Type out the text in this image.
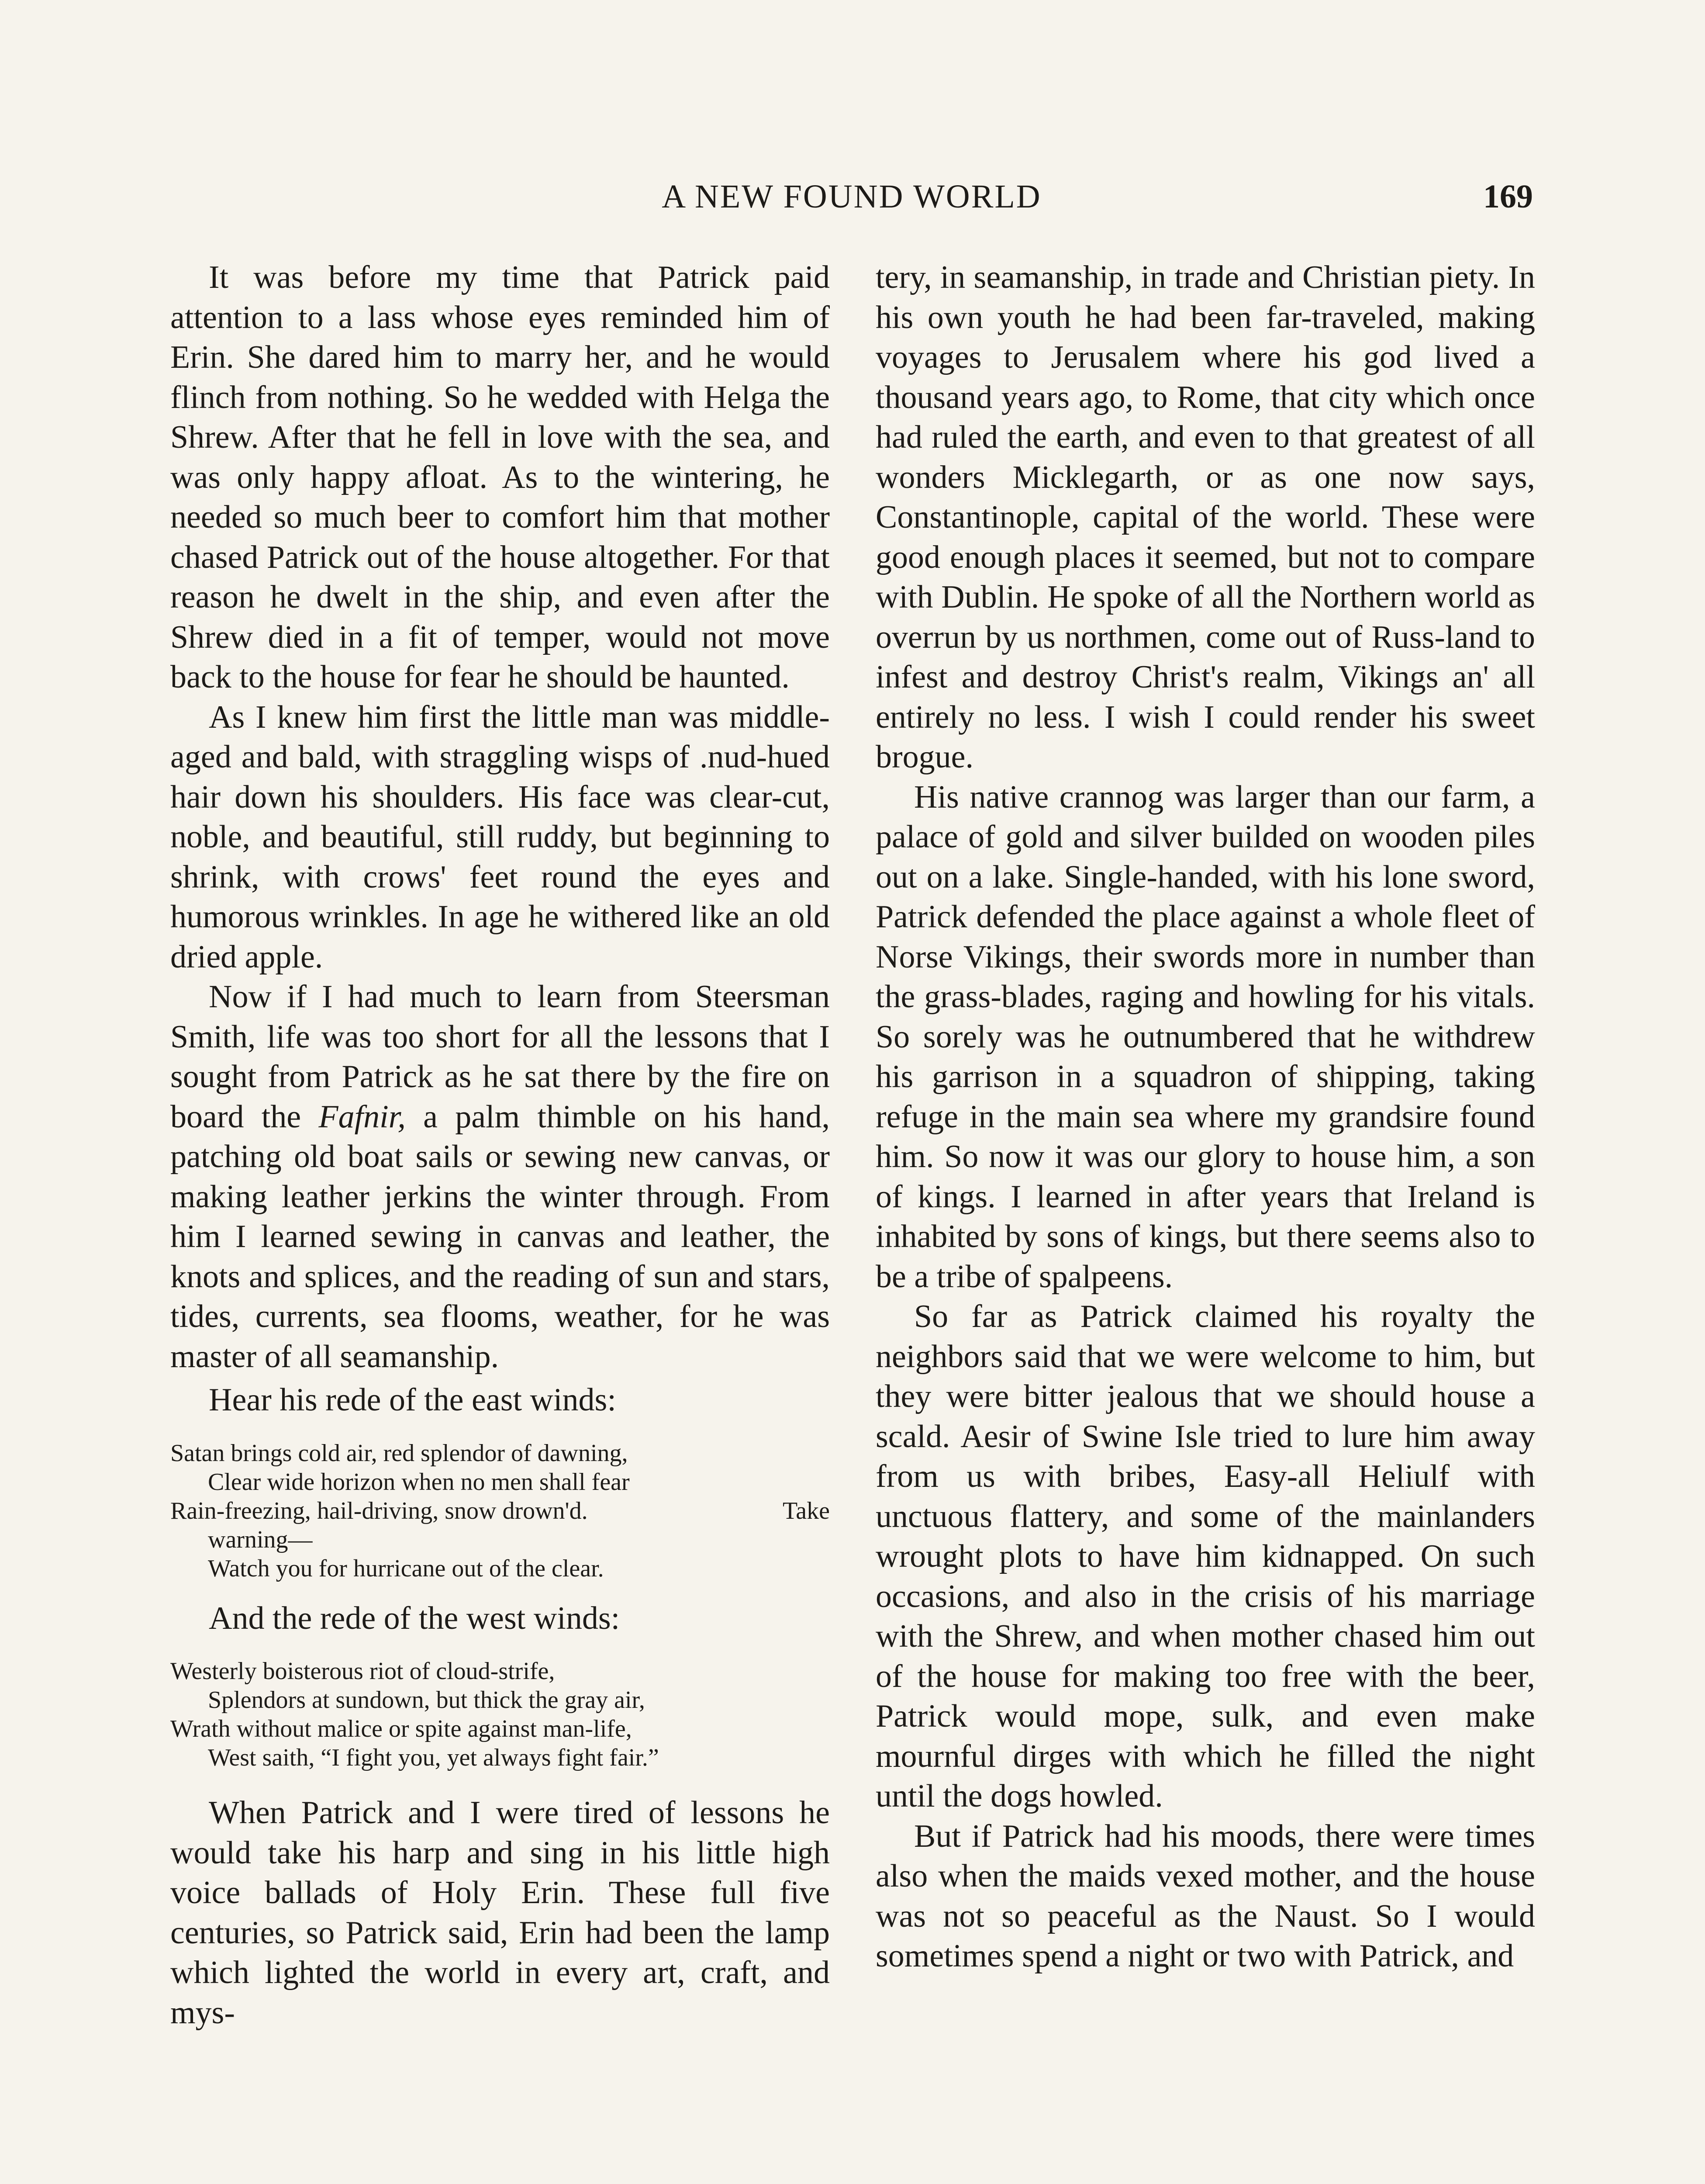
A NEW FOUND WORLD	169

It was before my time that Patrick paid attention to a lass whose eyes reminded him of Erin. She dared him to marry her, and he would flinch from nothing. So he wedded with Helga the Shrew. After that he fell in love with the sea, and was only happy afloat. As to the wintering, he needed so much beer to comfort him that mother chased Patrick out of the house altogether. For that reason he dwelt in the ship, and even after the Shrew died in a fit of temper, would not move back to the house for fear he should be haunted.

As I knew him first the little man was middle-aged and bald, with straggling wisps of .nud-hued hair down his shoulders. His face was clear-cut, noble, and beautiful, still ruddy, but beginning to shrink, with crows' feet round the eyes and humorous wrinkles. In age he withered like an old dried apple.

Now if I had much to learn from Steersman Smith, life was too short for all the lessons that I sought from Patrick as he sat there by the fire on board the Fafnir, a palm thimble on his hand, patching old boat sails or sewing new canvas, or making leather jerkins the winter through. From him I learned sewing in canvas and leather, the knots and splices, and the reading of sun and stars, tides, currents, sea flooms, weather, for he was master of all seamanship.

Hear his rede of the east winds:

Satan brings cold air, red splendor of dawning,
Clear wide horizon when no men shall fear
Rain-freezing, hail-driving, snow drown'd.	Take
warning—
Watch you for hurricane out of the clear.

And the rede of the west winds:

Westerly boisterous riot of cloud-strife,
Splendors at sundown, but thick the gray air,
Wrath without malice or spite against man-life,
West saith, “I fight you, yet always fight fair.”

When Patrick and I were tired of lessons he would take his harp and sing in his little high voice ballads of Holy Erin. These full five centuries, so Patrick said, Erin had been the lamp which lighted the world in every art, craft, and mys-

tery, in seamanship, in trade and Christian piety. In his own youth he had been far-traveled, making voyages to Jerusalem where his god lived a thousand years ago, to Rome, that city which once had ruled the earth, and even to that greatest of all wonders Micklegarth, or as one now says, Constantinople, capital of the world. These were good enough places it seemed, but not to compare with Dublin. He spoke of all the Northern world as overrun by us northmen, come out of Russ-land to infest and destroy Christ's realm, Vikings an' all entirely no less. I wish I could render his sweet brogue.

His native crannog was larger than our farm, a palace of gold and silver builded on wooden piles out on a lake. Single-handed, with his lone sword, Patrick defended the place against a whole fleet of Norse Vikings, their swords more in number than the grass-blades, raging and howling for his vitals. So sorely was he outnumbered that he withdrew his garrison in a squadron of shipping, taking refuge in the main sea where my grandsire found him. So now it was our glory to house him, a son of kings. I learned in after years that Ireland is inhabited by sons of kings, but there seems also to be a tribe of spalpeens.

So far as Patrick claimed his royalty the neighbors said that we were welcome to him, but they were bitter jealous that we should house a scald. Aesir of Swine Isle tried to lure him away from us with bribes, Easy-all Heliulf with unctuous flattery, and some of the mainlanders wrought plots to have him kidnapped. On such occasions, and also in the crisis of his marriage with the Shrew, and when mother chased him out of the house for making too free with the beer, Patrick would mope, sulk, and even make mournful dirges with which he filled the night until the dogs howled.

But if Patrick had his moods, there were times also when the maids vexed mother, and the house was not so peaceful as the Naust. So I would sometimes spend a night or two with Patrick, and
